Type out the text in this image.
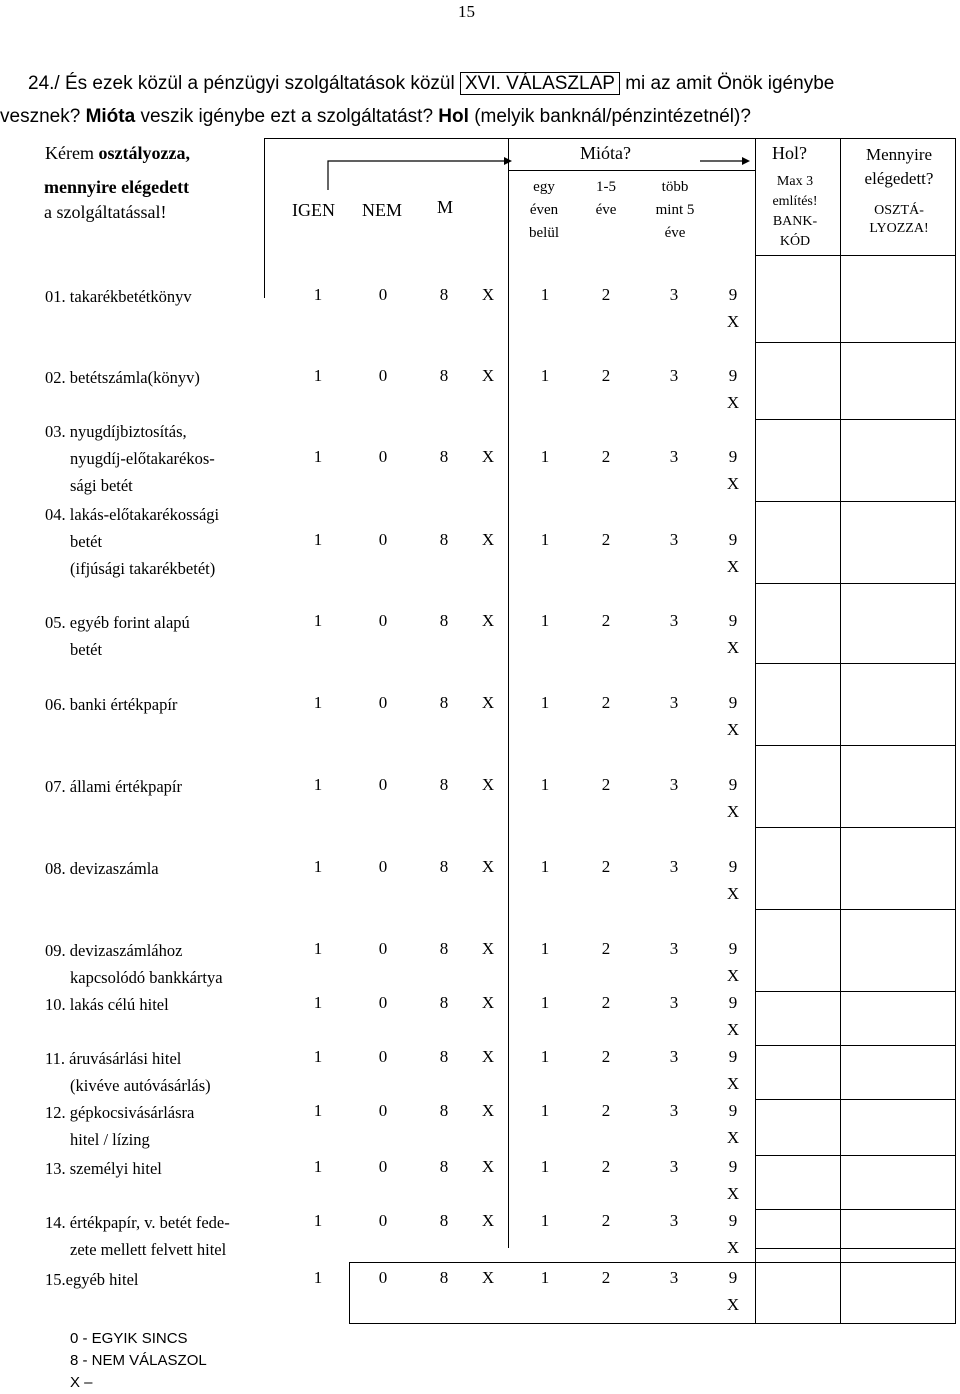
15
24./ És ezek közül a pénzügyi szolgáltatások közül XVI. VÁLASZLAP mi az amit Önök igénybe
vesznek? Mióta veszik igénybe ezt a szolgáltatást? Hol (melyik banknál/pénzintézetnél)?
Kérem osztályozza,
mennyire elégedett
a szolgáltatással!	IGEN NEM M
Mióta?
egy
éven
belül
1-5
éve
több
mint 5
éve
Hol?
Max 3
említés!
BANK-
KÓD
Mennyire
elégedett?
OSZTÁ-
LYOZZA!
01. takarékbetétkönyv	1	0	8	X	1	2	3	9
X
02. betétszámla(könyv)	1	0	8	X	1	2	3	9
X
03. nyugdíjbiztosítás,
nyugdíj-előtakarékos-
sági betét
1	0	8	X	1	2	3	9
X
04. lakás-előtakarékossági
betét
(ifjúsági takarékbetét)
1	0	8	X	1	2	3	9
X
05. egyéb forint alapú
betét
1	0	8	X	1	2	3	9
X
06. banki értékpapír	1	0	8	X	1	2	3	9
X
07. állami értékpapír	1	0	8	X	1	2	3	9
X
08. devizaszámla	1	0	8	X	1	2	3	9
X
09. devizaszámlához
kapcsolódó bankkártya
1	0	8	X	1	2	3	9
X
10. lakás célú hitel	1	0	8	X	1	2	3	9
X
11. áruvásárlási hitel
(kivéve autóvásárlás)
1	0	8	X	1	2	3	9
X
12. gépkocsivásárlásra
hitel / lízing
1	0	8	X	1	2	3	9
X
13. személyi hitel	1	0	8	X	1	2	3	9
X
14. értékpapír, v. betét fede-
zete mellett felvett hitel
1	0	8	X	1	2	3	9
X
15.egyéb hitel	1	0	8	X	1	2	3	9
X
0 - EGYIK SINCS
8 - NEM VÁLASZOL
X –
